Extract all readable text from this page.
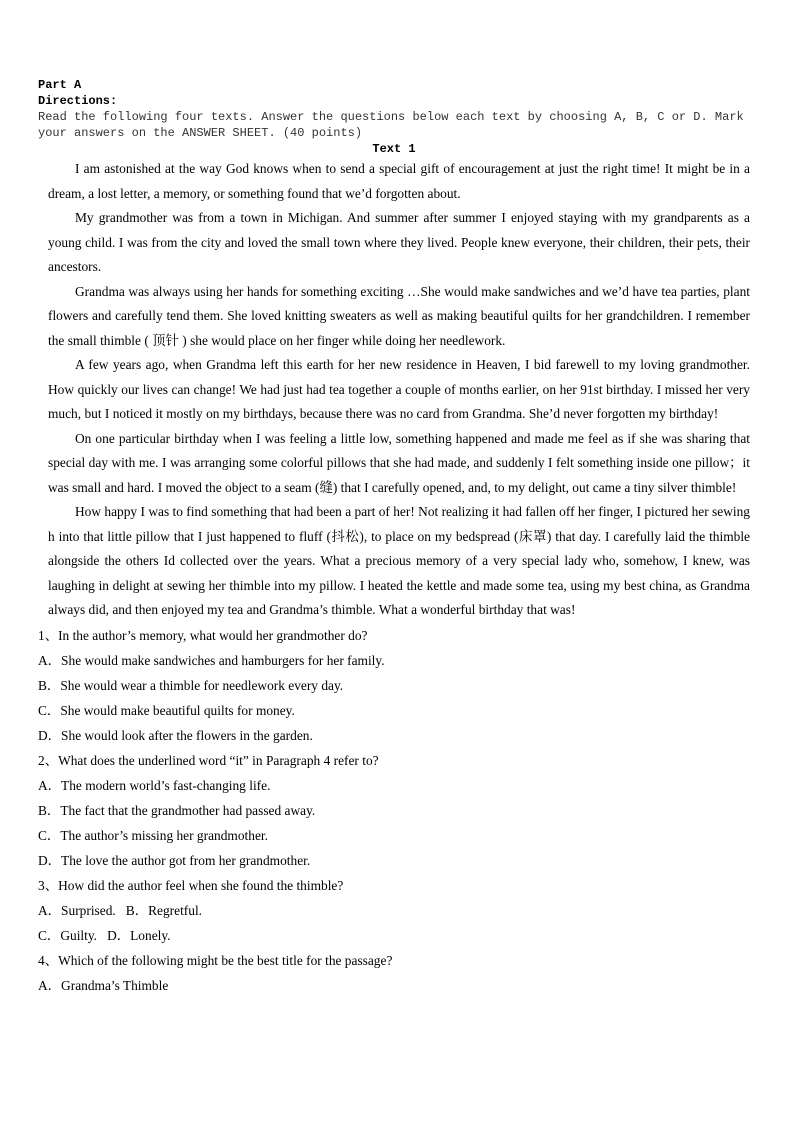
Part A
Directions:
Read the following four texts. Answer the questions below each text by choosing A, B, C or D. Mark
your answers on the ANSWER SHEET. (40 points)
Text 1

I am astonished at the way God knows when to send a special gift of encouragement at just the right time! It might be in a dream, a lost letter, a memory, or something found that we’d forgotten about.

My grandmother was from a town in Michigan. And summer after summer I enjoyed staying with my grandparents as a young child. I was from the city and loved the small town where they lived. People knew everyone, their children, their pets, their ancestors.

Grandma was always using her hands for something exciting …She would make sandwiches and we’d have tea parties, plant flowers and carefully tend them. She loved knitting sweaters as well as making beautiful quilts for her grandchildren. I remember the small thimble ( 顶针 ) she would place on her finger while doing her needlework.

A few years ago, when Grandma left this earth for her new residence in Heaven, I bid farewell to my loving grandmother. How quickly our lives can change! We had just had tea together a couple of months earlier, on her 91st birthday. I missed her very much, but I noticed it mostly on my birthdays, because there was no card from Grandma. She’d never forgotten my birthday!

On one particular birthday when I was feeling a little low, something happened and made me feel as if she was sharing that special day with me. I was arranging some colorful pillows that she had made, and suddenly I felt something inside one pillow；it was small and hard. I moved the object to a seam (缝) that I carefully opened, and, to my delight, out came a tiny silver thimble!

How happy I was to find something that had been a part of her! Not realizing it had fallen off her finger, I pictured her sewing h into that little pillow that I just happened to fluff (抖松), to place on my bedspread (床罩) that day. I carefully laid the thimble alongside the others Id collected over the years. What a precious memory of a very special lady who, somehow, I knew, was laughing in delight at sewing her thimble into my pillow. I heated the kettle and made some tea, using my best china, as Grandma always did, and then enjoyed my tea and Grandma’s thimble. What a wonderful birthday that was!

1、In the author’s memory, what would her grandmother do?
A．She would make sandwiches and hamburgers for her family.
B．She would wear a thimble for needlework every day.
C．She would make beautiful quilts for money.
D．She would look after the flowers in the garden.
2、What does the underlined word “it” in Paragraph 4 refer to?
A．The modern world’s fast-changing life.
B．The fact that the grandmother had passed away.
C．The author’s missing her grandmother.
D．The love the author got from her grandmother.
3、How did the author feel when she found the thimble?
A．Surprised.   B．Regretful.
C．Guilty.   D．Lonely.
4、Which of the following might be the best title for the passage?
A．Grandma’s Thimble
